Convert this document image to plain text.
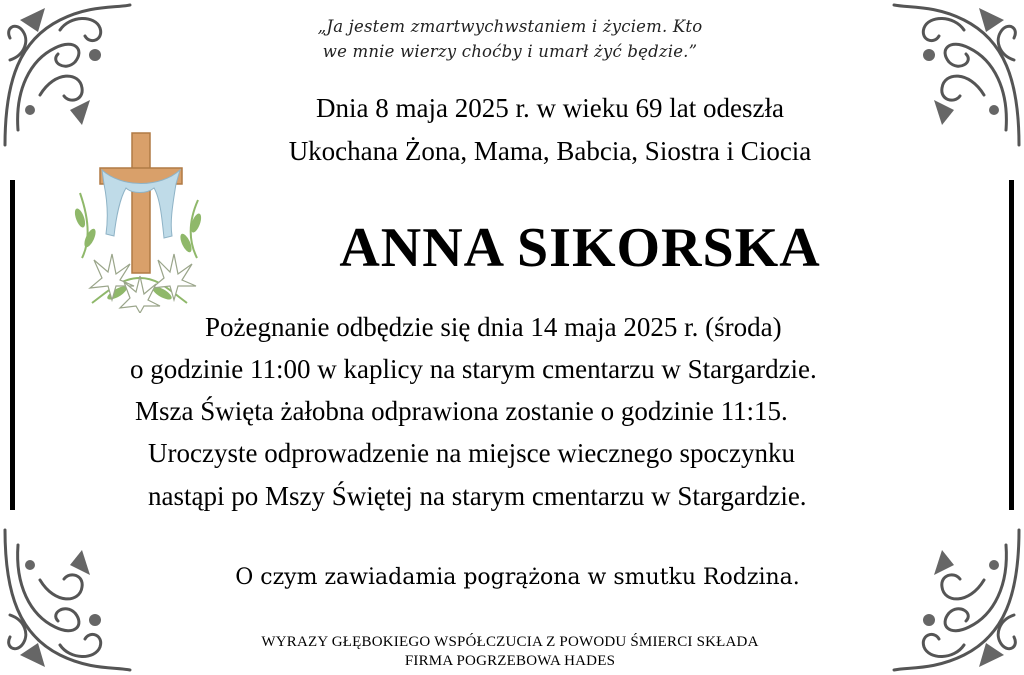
„Ja jestem zmartwychwstaniem i życiem. Kto
we mnie wierzy choćby i umarł żyć będzie.”
Dnia 8 maja 2025 r. w wieku 69 lat odeszła
Ukochana Żona, Mama, Babcia, Siostra i Ciocia
ANNA SIKORSKA
Pożegnanie odbędzie się dnia 14 maja 2025 r. (środa)
o godzinie 11:00 w kaplicy na starym cmentarzu w Stargardzie.
Msza Święta żałobna odprawiona zostanie o godzinie 11:15.
Uroczyste odprowadzenie na miejsce wiecznego spoczynku
nastąpi po Mszy Świętej na starym cmentarzu w Stargardzie.
O czym zawiadamia pogrążona w smutku Rodzina.
WYRAZY GŁĘBOKIEGO WSPÓŁCZUCIA Z POWODU ŚMIERCI SKŁADA
FIRMA POGRZEBOWA HADES
